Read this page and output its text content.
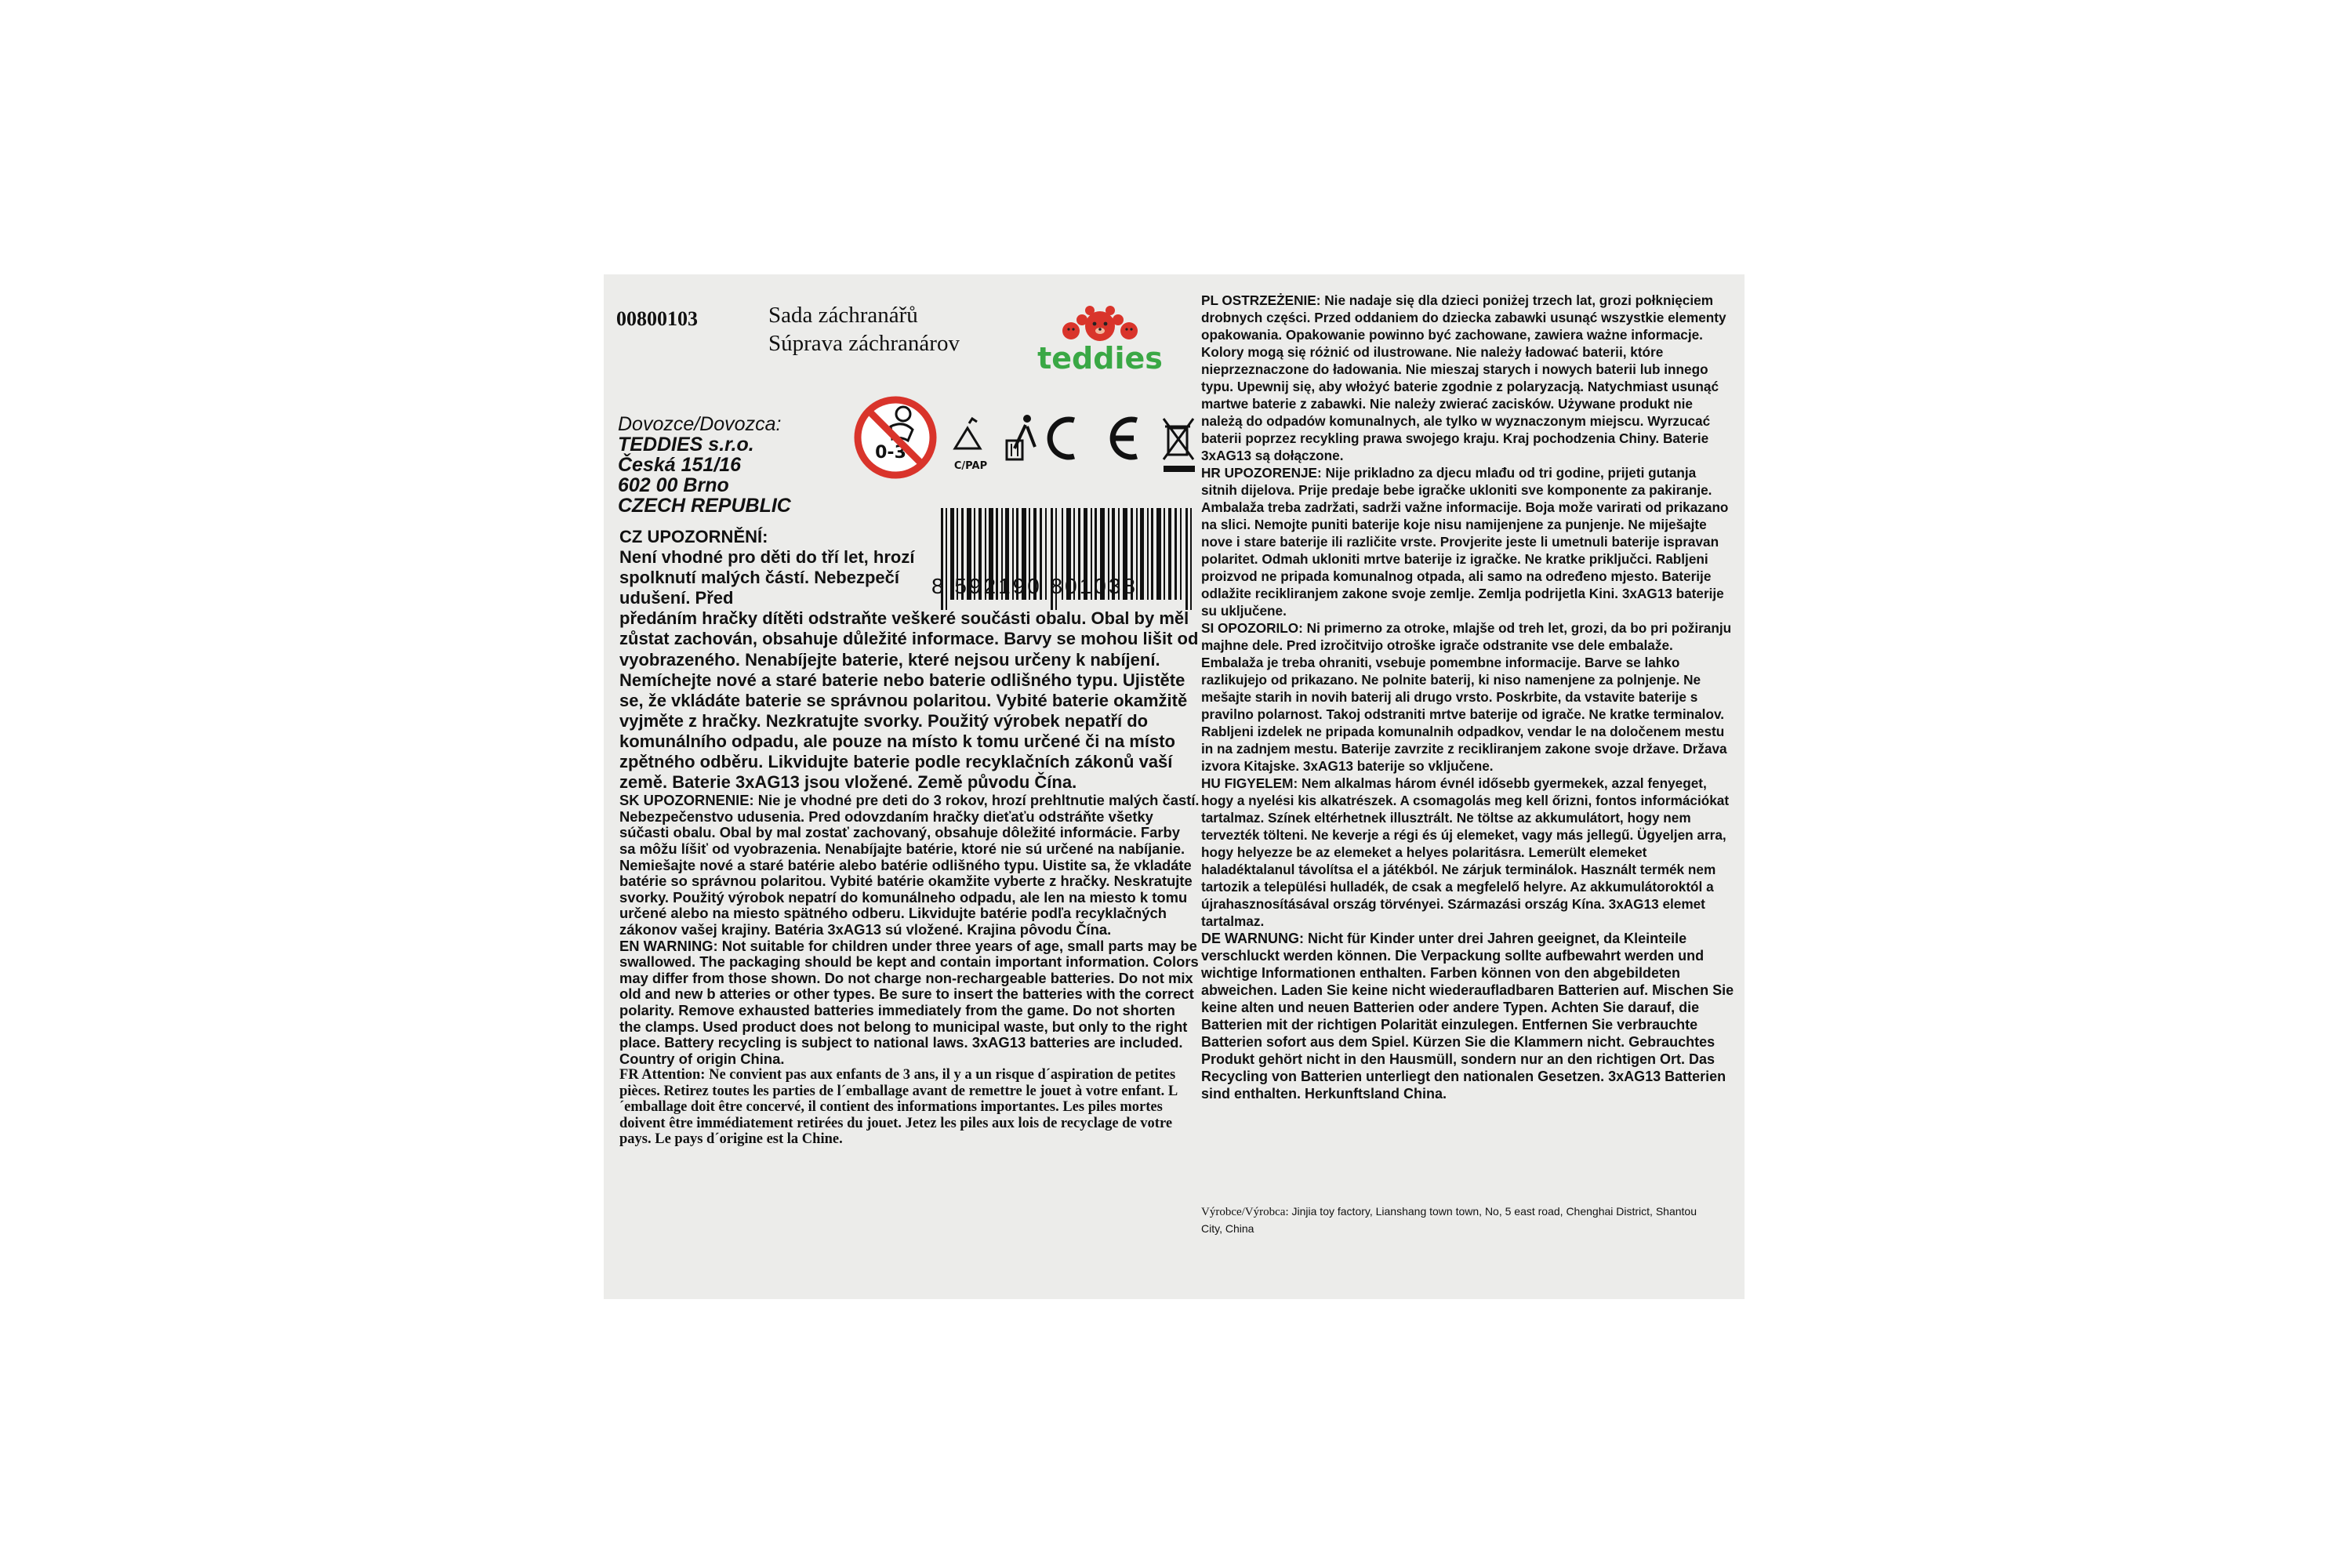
00800103	Sada záchranářů
Súprava záchranárov	teddies
Dovozce/Dovozca:
TEDDIES s.r.o.
Česká 151/16
602 00 Brno
CZECH REPUBLIC
0-3
C/PAP
8 592190 801038
CZ UPOZORNĚNÍ:
Není vhodné pro děti do tří let, hrozí spolknutí malých částí. Nebezpečí udušení. Před
předáním hračky dítěti odstraňte veškeré součásti obalu. Obal by měl zůstat zachován, obsahuje důležité informace. Barvy se mohou lišit od vyobrazeného. Nenabíjejte baterie, které nejsou určeny k nabíjení. Nemíchejte nové a staré baterie nebo baterie odlišného typu. Ujistěte se, že vkládáte baterie se správnou polaritou. Vybité baterie okamžitě vyjměte z hračky. Nezkratujte svorky. Použitý výrobek nepatří do komunálního odpadu, ale pouze na místo k tomu určené či na místo zpětného odběru. Likvidujte baterie podle recyklačních zákonů vaší země. Baterie 3xAG13 jsou vložené. Země původu Čína.

SK UPOZORNENIE: Nie je vhodné pre deti do 3 rokov, hrozí prehltnutie malých častí. Nebezpečenstvo udusenia. Pred odovzdaním hračky dieťaťu odstráňte všetky súčasti obalu. Obal by mal zostať zachovaný, obsahuje dôležité informácie. Farby sa môžu líšiť od vyobrazenia. Nenabíjajte batérie, ktoré nie sú určené na nabíjanie. Nemiešajte nové a staré batérie alebo batérie odlišného typu. Uistite sa, že vkladáte batérie so správnou polaritou. Vybité batérie okamžite vyberte z hračky. Neskratujte svorky. Použitý výrobok nepatrí do komunálneho odpadu, ale len na miesto k tomu určené alebo na miesto spätného odberu. Likvidujte batérie podľa recyklačných zákonov vašej krajiny. Batéria 3xAG13 sú vložené. Krajina pôvodu Čína.

EN WARNING: Not suitable for children under three years of age, small parts may be swallowed. The packaging should be kept and contain important information. Colors may differ from those shown. Do not charge non-rechargeable batteries. Do not mix old and new b atteries or other types. Be sure to insert the batteries with the correct polarity. Remove exhausted batteries immediately from the game. Do not shorten the clamps. Used product does not belong to municipal waste, but only to the right place. Battery recycling is subject to national laws. 3xAG13 batteries are included. Country of origin China.

FR Attention: Ne convient pas aux enfants de 3 ans, il y a un risque d´aspiration de petites pièces. Retirez toutes les parties de l´emballage avant de remettre le jouet à votre enfant. L´emballage doit être concervé, il contient des informations importantes. Les piles mortes doivent être immédiatement retirées du jouet. Jetez les piles aux lois de recyclage de votre pays. Le pays d´origine est la Chine.

PL OSTRZEŻENIE: Nie nadaje się dla dzieci poniżej trzech lat, grozi połknięciem drobnych części. Przed oddaniem do dziecka zabawki usunąć wszystkie elementy opakowania. Opakowanie powinno być zachowane, zawiera ważne informacje. Kolory mogą się różnić od ilustrowane. Nie należy ładować baterii, które nieprzeznaczone do ładowania. Nie mieszaj starych i nowych baterii lub innego typu. Upewnij się, aby włożyć baterie zgodnie z polaryzacją. Natychmiast usunąć martwe baterie z zabawki. Nie należy zwierać zacisków. Używane produkt nie należą do odpadów komunalnych, ale tylko w wyznaczonym miejscu. Wyrzucać baterii poprzez recykling prawa swojego kraju. Kraj pochodzenia Chiny. Baterie 3xAG13 są dołączone.

HR UPOZORENJE: Nije prikladno za djecu mlađu od tri godine, prijeti gutanja sitnih dijelova. Prije predaje bebe igračke ukloniti sve komponente za pakiranje. Ambalaža treba zadržati, sadrži važne informacije. Boja može varirati od prikazano na slici. Nemojte puniti baterije koje nisu namijenjene za punjenje. Ne miješajte nove i stare baterije ili različite vrste. Provjerite jeste li umetnuli baterije ispravan polaritet. Odmah ukloniti mrtve baterije iz igračke. Ne kratke priključci. Rabljeni proizvod ne pripada komunalnog otpada, ali samo na određeno mjesto. Baterije odlažite recikliranjem zakone svoje zemlje. Zemlja podrijetla Kini. 3xAG13 baterije su uključene.

SI OPOZORILO: Ni primerno za otroke, mlajše od treh let, grozi, da bo pri požiranju majhne dele. Pred izročitvijo otroške igrače odstranite vse dele embalaže. Embalaža je treba ohraniti, vsebuje pomembne informacije. Barve se lahko razlikujejo od prikazano. Ne polnite baterij, ki niso namenjene za polnjenje. Ne mešajte starih in novih baterij ali drugo vrsto. Poskrbite, da vstavite baterije s pravilno polarnost. Takoj odstraniti mrtve baterije od igrače. Ne kratke terminalov. Rabljeni izdelek ne pripada komunalnih odpadkov, vendar le na določenem mestu in na zadnjem mestu. Baterije zavrzite z recikliranjem zakone svoje države. Država izvora Kitajske. 3xAG13 baterije so vključene.

HU FIGYELEM: Nem alkalmas három évnél idősebb gyermekek, azzal fenyeget, hogy a nyelési kis alkatrészek. A csomagolás meg kell őrizni, fontos információkat tartalmaz. Színek eltérhetnek illusztrált. Ne töltse az akkumulátort, hogy nem tervezték tölteni. Ne keverje a régi és új elemeket, vagy más jellegű. Ügyeljen arra, hogy helyezze be az elemeket a helyes polaritásra. Lemerült elemeket haladéktalanul távolítsa el a játékból. Ne zárjuk terminálok. Használt termék nem tartozik a települési hulladék, de csak a megfelelő helyre. Az akkumulátoroktól a újrahasznosításával ország törvényei. Származási ország Kína. 3xAG13 elemet tartalmaz.

DE WARNUNG: Nicht für Kinder unter drei Jahren geeignet, da Kleinteile verschluckt werden können. Die Verpackung sollte aufbewahrt werden und wichtige Informationen enthalten. Farben können von den abgebildeten abweichen. Laden Sie keine nicht wiederaufladbaren Batterien auf. Mischen Sie keine alten und neuen Batterien oder andere Typen. Achten Sie darauf, die Batterien mit der richtigen Polarität einzulegen. Entfernen Sie verbrauchte Batterien sofort aus dem Spiel. Kürzen Sie die Klammern nicht. Gebrauchtes Produkt gehört nicht in den Hausmüll, sondern nur an den richtigen Ort. Das Recycling von Batterien unterliegt den nationalen Gesetzen. 3xAG13 Batterien sind enthalten. Herkunftsland China.

Výrobce/Výrobca: Jinjia toy factory, Lianshang town town, No, 5 east road, Chenghai District, Shantou City, China
